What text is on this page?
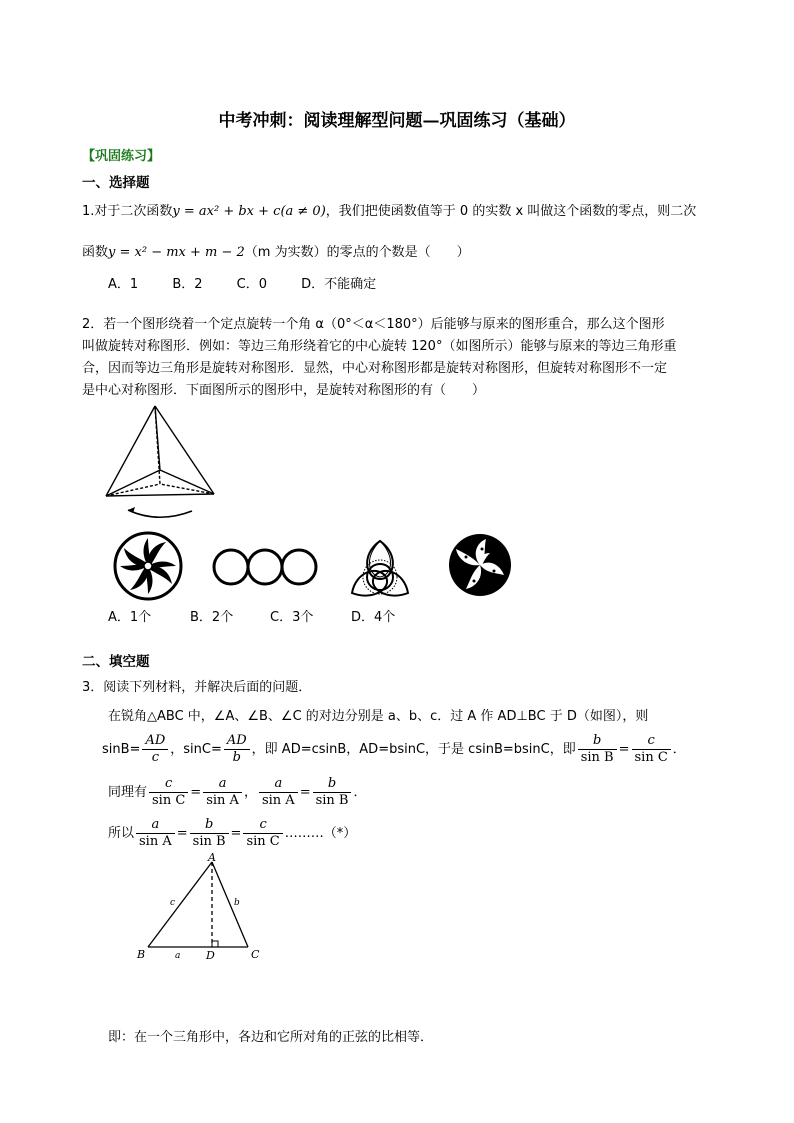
中考冲刺：阅读理解型问题—巩固练习（基础）
【巩固练习】
一、选择题
1.对于二次函数y = ax² + bx + c(a ≠ 0)，我们把使函数值等于 0 的实数 x 叫做这个函数的零点，则二次
函数y = x² − mx + m − 2（m 为实数）的零点的个数是（　　）
A．1	B．2	C．0	D．不能确定
2．若一个图形绕着一个定点旋转一个角 α（0°＜α＜180°）后能够与原来的图形重合，那么这个图形
叫做旋转对称图形．例如：等边三角形绕着它的中心旋转 120°（如图所示）能够与原来的等边三角形重
合，因而等边三角形是旋转对称图形．显然，中心对称图形都是旋转对称图形，但旋转对称图形不一定
是中心对称图形．下面图所示的图形中，是旋转对称图形的有（　　）
A．1个	B．2个	C．3个	D．4个
二、填空题
3．阅读下列材料，并解决后面的问题．
在锐角△ABC 中，∠A、∠B、∠C 的对边分别是 a、b、c．过 A 作 AD⊥BC 于 D（如图），则
$\sin B= \frac{AD}{c}$ ，$\sin C= \frac{AD}{b}$ ，即 AD=csinB，AD=bsinC，于是 csinB=bsinC，即 $\frac{b}{\text{sin B}} = \frac{c}{\text{sin C}}$ ．
同理有 $\frac{c}{\text{sin C}} = \frac{a}{\text{sin A}}$ ， $\frac{a}{\text{sin A}} = \frac{b}{\text{sin B}}$ ．
所以 $\frac{a}{\text{sin A}} = \frac{b}{\text{sin B}} = \frac{c}{\text{sin C}}$ ………（*）
A
B	C
D
a
b
c
即：在一个三角形中，各边和它所对角的正弦的比相等．
